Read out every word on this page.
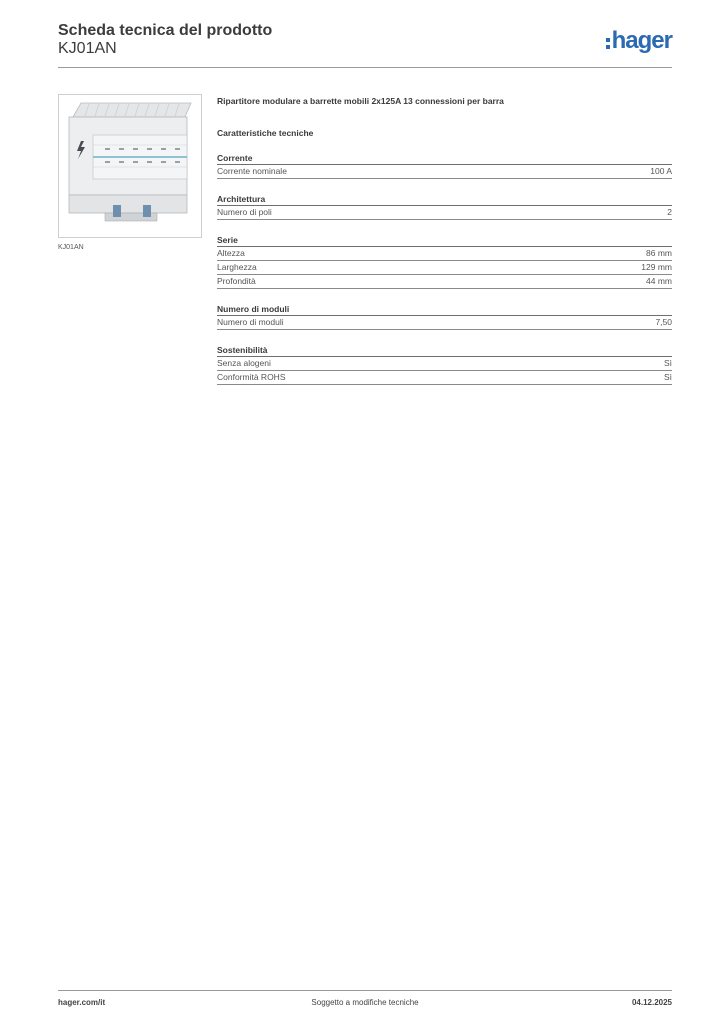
Scheda tecnica del prodotto
KJ01AN	hager
KJ01AN
Ripartitore modulare a barrette mobili 2x125A 13 connessioni per barra
Caratteristiche tecniche
Corrente
Corrente nominale	100 A
Architettura
Numero di poli	2
Serie
Altezza	86 mm
Larghezza	129 mm
Profondità	44 mm
Numero di moduli
Numero di moduli	7,50
Sostenibilità
Senza alogeni	Sì
Conformità ROHS	Sì
Soggetto a modifiche tecniche
hager.com/it	04.12.2025
